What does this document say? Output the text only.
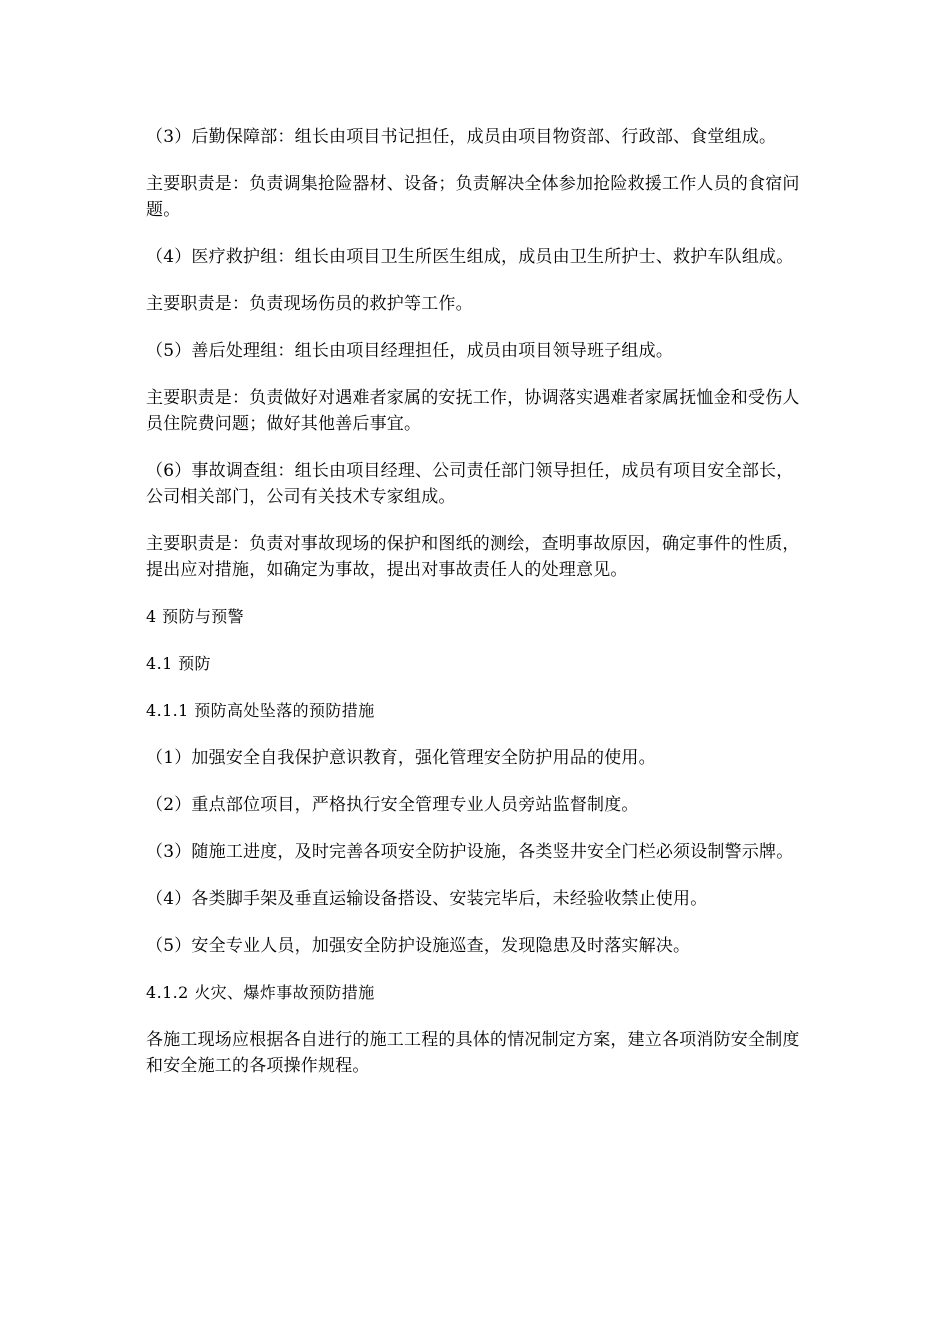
（3）后勤保障部：组长由项目书记担任，成员由项目物资部、行政部、食堂组成。

主要职责是：负责调集抢险器材、设备；负责解决全体参加抢险救援工作人员的食宿问题。

（4）医疗救护组：组长由项目卫生所医生组成，成员由卫生所护士、救护车队组成。

主要职责是：负责现场伤员的救护等工作。

（5）善后处理组：组长由项目经理担任，成员由项目领导班子组成。

主要职责是：负责做好对遇难者家属的安抚工作，协调落实遇难者家属抚恤金和受伤人员住院费问题；做好其他善后事宜。

（6）事故调查组：组长由项目经理、公司责任部门领导担任，成员有项目安全部长，公司相关部门，公司有关技术专家组成。

主要职责是：负责对事故现场的保护和图纸的测绘，查明事故原因，确定事件的性质，提出应对措施，如确定为事故，提出对事故责任人的处理意见。

4 预防与预警

4.1 预防

4.1.1 预防高处坠落的预防措施

（1）加强安全自我保护意识教育，强化管理安全防护用品的使用。

（2）重点部位项目，严格执行安全管理专业人员旁站监督制度。

（3）随施工进度，及时完善各项安全防护设施，各类竖井安全门栏必须设制警示牌。

（4）各类脚手架及垂直运输设备搭设、安装完毕后，未经验收禁止使用。

（5）安全专业人员，加强安全防护设施巡查，发现隐患及时落实解决。

4.1.2 火灾、爆炸事故预防措施

各施工现场应根据各自进行的施工工程的具体的情况制定方案，建立各项消防安全制度和安全施工的各项操作规程。
